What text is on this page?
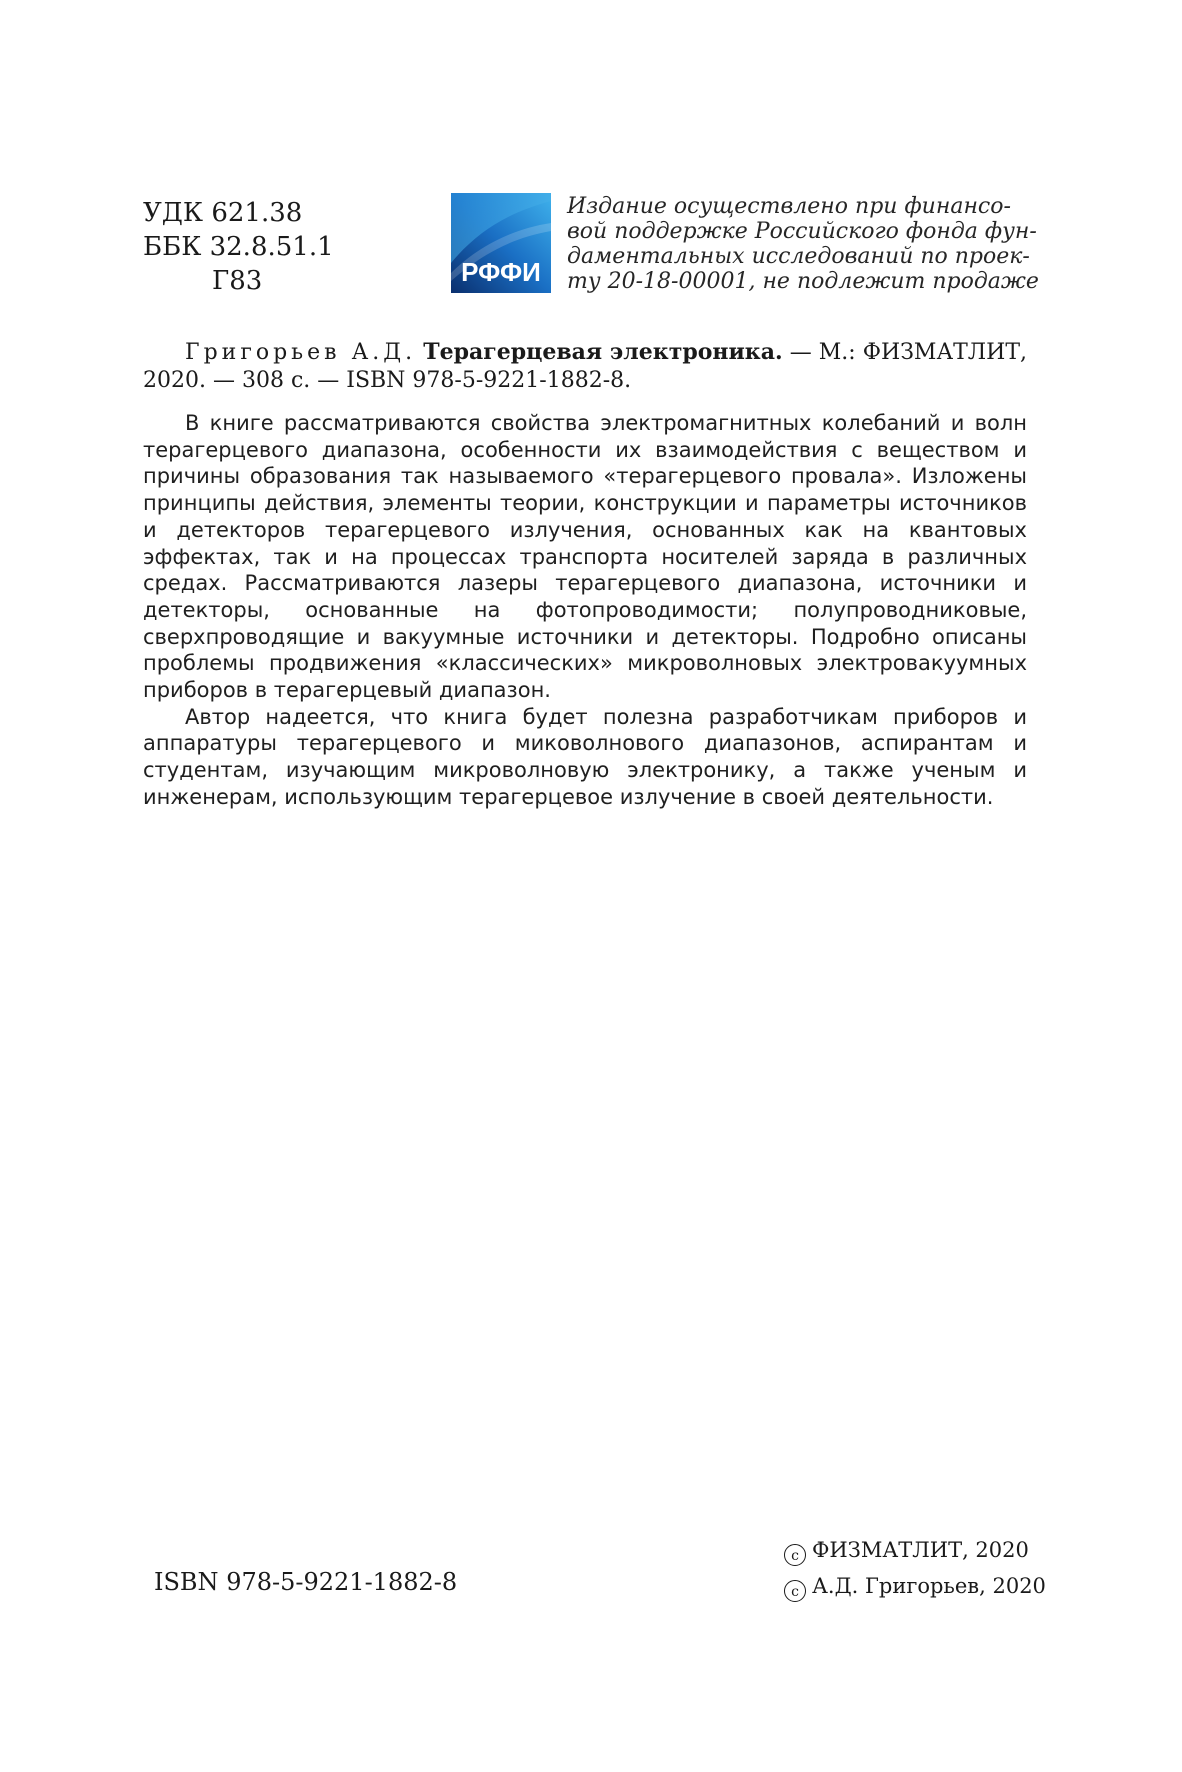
УДК 621.38
ББК 32.8.51.1
Г83	РФФИ
Издание осуществлено при финансо-
вой поддержке Российского фонда фун-
даментальных исследований по проек-
ту 20-18-00001, не подлежит продаже
Григорьев А.Д. Терагерцевая электроника. — М.: ФИЗМАТЛИТ, 2020. — 308 с. — ISBN 978-5-9221-1882-8.

В книге рассматриваются свойства электромагнитных колебаний и волн терагерцевого диапазона, особенности их взаимодействия с веществом и причины образования так называемого «терагерцевого провала». Изложены принципы действия, элементы теории, конструкции и параметры источников и детекторов терагерцевого излучения, основанных как на квантовых эффектах, так и на процессах транспорта носителей заряда в различных средах. Рассматриваются лазеры терагерцевого диапазона, источники и детекторы, основанные на фотопроводимости; полупроводниковые, сверхпроводящие и вакуумные источники и детекторы. Подробно описаны проблемы продвижения «классических» микроволновых электровакуумных приборов в терагерцевый диапазон.

Автор надеется, что книга будет полезна разработчикам приборов и аппаратуры терагерцевого и миковолнового диапазонов, аспирантам и студентам, изучающим микроволновую электронику, а также ученым и инженерам, использующим терагерцевое излучение в своей деятельности.

ISBN 978-5-9221-1882-8
c ФИЗМАТЛИТ, 2020
c А.Д. Григорьев, 2020
